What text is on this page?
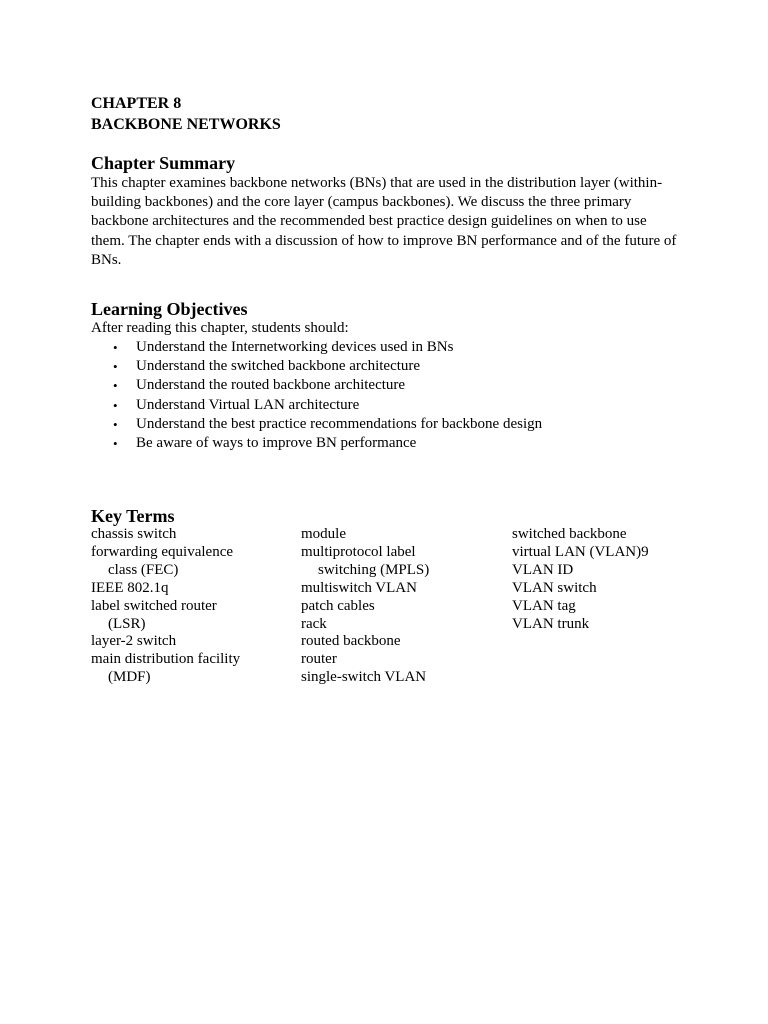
CHAPTER 8
BACKBONE NETWORKS
Chapter Summary

This chapter examines backbone networks (BNs) that are used in the distribution layer (within-building backbones) and the core layer (campus backbones). We discuss the three primary backbone architectures and the recommended best practice design guidelines on when to use them. The chapter ends with a discussion of how to improve BN performance and of the future of BNs.

Learning Objectives

After reading this chapter, students should:

• Understand the Internetworking devices used in BNs
• Understand the switched backbone architecture
• Understand the routed backbone architecture
• Understand Virtual LAN architecture
• Understand the best practice recommendations for backbone design
• Be aware of ways to improve BN performance
Key Terms
chassis switch
forwarding equivalence
class (FEC)
IEEE 802.1q
label switched router
(LSR)
layer-2 switch
main distribution facility
(MDF)
module
multiprotocol label
switching (MPLS)
multiswitch VLAN
patch cables
rack
routed backbone
router
single-switch VLAN
switched backbone
virtual LAN (VLAN)9
VLAN ID
VLAN switch
VLAN tag
VLAN trunk
